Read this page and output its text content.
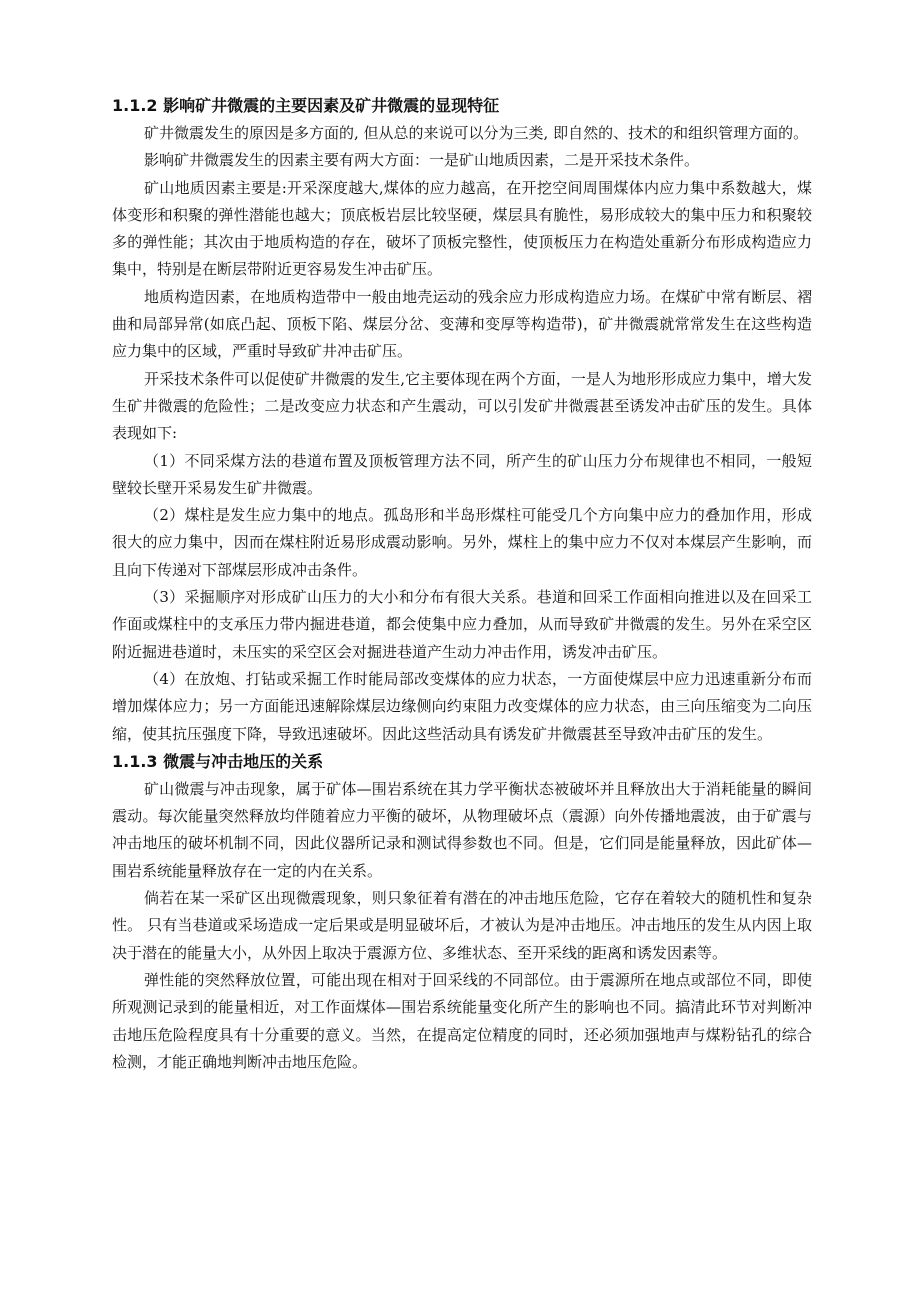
1.1.2 影响矿井微震的主要因素及矿井微震的显现特征

矿井微震发生的原因是多方面的, 但从总的来说可以分为三类, 即自然的、技术的和组织管理方面的。

影响矿井微震发生的因素主要有两大方面：一是矿山地质因素，二是开采技术条件。

矿山地质因素主要是:开采深度越大,煤体的应力越高，在开挖空间周围煤体内应力集中系数越大，煤体变形和积聚的弹性潜能也越大；顶底板岩层比较坚硬，煤层具有脆性，易形成较大的集中压力和积聚较多的弹性能；其次由于地质构造的存在，破坏了顶板完整性，使顶板压力在构造处重新分布形成构造应力集中，特别是在断层带附近更容易发生冲击矿压。

地质构造因素，在地质构造带中一般由地壳运动的残余应力形成构造应力场。在煤矿中常有断层、褶曲和局部异常(如底凸起、顶板下陷、煤层分岔、变薄和变厚等构造带)，矿井微震就常常发生在这些构造应力集中的区域，严重时导致矿井冲击矿压。

开采技术条件可以促使矿井微震的发生,它主要体现在两个方面，一是人为地形形成应力集中，增大发生矿井微震的危险性；二是改变应力状态和产生震动，可以引发矿井微震甚至诱发冲击矿压的发生。具体表现如下:

（1）不同采煤方法的巷道布置及顶板管理方法不同，所产生的矿山压力分布规律也不相同，一般短壁较长壁开采易发生矿井微震。

（2）煤柱是发生应力集中的地点。孤岛形和半岛形煤柱可能受几个方向集中应力的叠加作用，形成很大的应力集中，因而在煤柱附近易形成震动影响。另外，煤柱上的集中应力不仅对本煤层产生影响，而且向下传递对下部煤层形成冲击条件。

（3）采掘顺序对形成矿山压力的大小和分布有很大关系。巷道和回采工作面相向推进以及在回采工作面或煤柱中的支承压力带内掘进巷道，都会使集中应力叠加，从而导致矿井微震的发生。另外在采空区附近掘进巷道时，未压实的采空区会对掘进巷道产生动力冲击作用，诱发冲击矿压。

（4）在放炮、打钻或采掘工作时能局部改变煤体的应力状态，一方面使煤层中应力迅速重新分布而增加煤体应力；另一方面能迅速解除煤层边缘侧向约束阻力改变煤体的应力状态，由三向压缩变为二向压缩，使其抗压强度下降，导致迅速破坏。因此这些活动具有诱发矿井微震甚至导致冲击矿压的发生。

1.1.3 微震与冲击地压的关系

矿山微震与冲击现象，属于矿体—围岩系统在其力学平衡状态被破坏并且释放出大于消耗能量的瞬间震动。每次能量突然释放均伴随着应力平衡的破坏，从物理破坏点（震源）向外传播地震波，由于矿震与冲击地压的破坏机制不同，因此仪器所记录和测试得参数也不同。但是，它们同是能量释放，因此矿体—围岩系统能量释放存在一定的内在关系。

倘若在某一采矿区出现微震现象，则只象征着有潜在的冲击地压危险，它存在着较大的随机性和复杂性。 只有当巷道或采场造成一定后果或是明显破坏后，才被认为是冲击地压。冲击地压的发生从内因上取决于潜在的能量大小，从外因上取决于震源方位、多维状态、至开采线的距离和诱发因素等。

弹性能的突然释放位置，可能出现在相对于回采线的不同部位。由于震源所在地点或部位不同，即使所观测记录到的能量相近，对工作面煤体—围岩系统能量变化所产生的影响也不同。搞清此环节对判断冲击地压危险程度具有十分重要的意义。当然，在提高定位精度的同时，还必须加强地声与煤粉钻孔的综合检测，才能正确地判断冲击地压危险。
